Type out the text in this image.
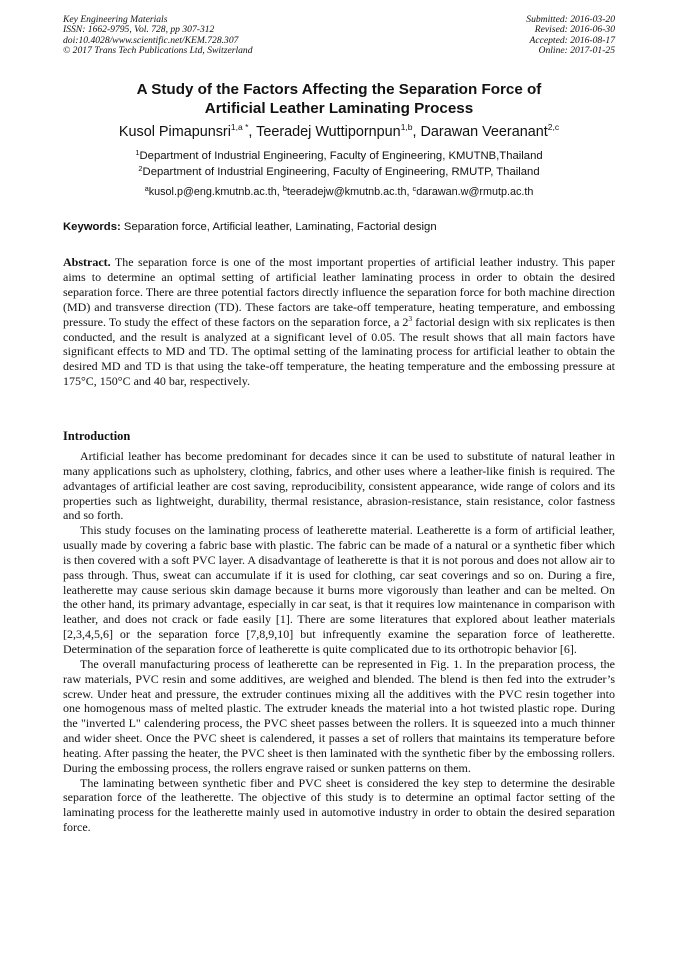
Key Engineering Materials
ISSN: 1662-9795, Vol. 728, pp 307-312
doi:10.4028/www.scientific.net/KEM.728.307
© 2017 Trans Tech Publications Ltd, Switzerland
Submitted: 2016-03-20
Revised: 2016-06-30
Accepted: 2016-08-17
Online: 2017-01-25
A Study of the Factors Affecting the Separation Force of
Artificial Leather Laminating Process
Kusol Pimapunsri$^{1,a *}$, Teeradej Wuttipornpun$^{1,b}$, Darawan Veeranant$^{2,c}$
$^1$Department of Industrial Engineering, Faculty of Engineering, KMUTNB,Thailand
$^2$Department of Industrial Engineering, Faculty of Engineering, RMUTP, Thailand
$^a$kusol.p@eng.kmutnb.ac.th, $^b$teeradejw@kmutnb.ac.th, $^c$darawan.w@rmutp.ac.th
Keywords: Separation force, Artificial leather, Laminating, Factorial design

Abstract. The separation force is one of the most important properties of artificial leather industry. This paper aims to determine an optimal setting of artificial leather laminating process in order to obtain the desired separation force. There are three potential factors directly influence the separation force for both machine direction (MD) and transverse direction (TD). These factors are take-off temperature, heating temperature, and embossing pressure. To study the effect of these factors on the separation force, a $2^3$ factorial design with six replicates is then conducted, and the result is analyzed at a significant level of 0.05. The result shows that all main factors have significant effects to MD and TD. The optimal setting of the laminating process for artificial leather to obtain the desired MD and TD is that using the take-off temperature, the heating temperature and the embossing pressure at 175°C, 150°C and 40 bar, respectively.

Introduction

Artificial leather has become predominant for decades since it can be used to substitute of natural leather in many applications such as upholstery, clothing, fabrics, and other uses where a leather-like finish is required. The advantages of artificial leather are cost saving, reproducibility, consistent appearance, wide range of colors and its properties such as lightweight, durability, thermal resistance, abrasion-resistance, stain resistance, color fastness and so forth.

This study focuses on the laminating process of leatherette material. Leatherette is a form of artificial leather, usually made by covering a fabric base with plastic. The fabric can be made of a natural or a synthetic fiber which is then covered with a soft PVC layer. A disadvantage of leatherette is that it is not porous and does not allow air to pass through. Thus, sweat can accumulate if it is used for clothing, car seat coverings and so on. During a fire, leatherette may cause serious skin damage because it burns more vigorously than leather and can be melted. On the other hand, its primary advantage, especially in car seat, is that it requires low maintenance in comparison with leather, and does not crack or fade easily [1]. There are some literatures that explored about leather materials [2,3,4,5,6] or the separation force [7,8,9,10] but infrequently examine the separation force of leatherette. Determination of the separation force of leatherette is quite complicated due to its orthotropic behavior [6].

The overall manufacturing process of leatherette can be represented in Fig. 1. In the preparation process, the raw materials, PVC resin and some additives, are weighed and blended. The blend is then fed into the extruder’s screw. Under heat and pressure, the extruder continues mixing all the additives with the PVC resin together into one homogenous mass of melted plastic. The extruder kneads the material into a hot twisted plastic rope. During the "inverted L" calendering process, the PVC sheet passes between the rollers. It is squeezed into a much thinner and wider sheet. Once the PVC sheet is calendered, it passes a set of rollers that maintains its temperature before heating. After passing the heater, the PVC sheet is then laminated with the synthetic fiber by the embossing rollers. During the embossing process, the rollers engrave raised or sunken patterns on them.

The laminating between synthetic fiber and PVC sheet is considered the key step to determine the desirable separation force of the leatherette. The objective of this study is to determine an optimal factor setting of the laminating process for the leatherette mainly used in automotive industry in order to obtain the desired separation force.
